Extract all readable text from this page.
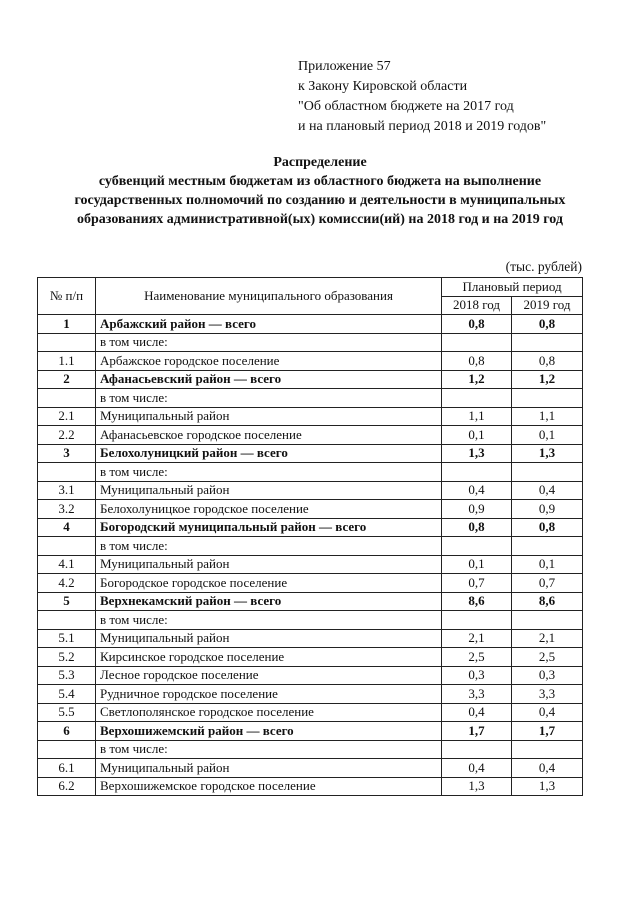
Приложение 57
к Закону Кировской области
"Об областном бюджете на 2017 год
и на плановый период 2018 и 2019 годов"
Распределение
субвенций местным бюджетам из областного бюджета на выполнение
государственных полномочий по созданию и деятельности в муниципальных
образованиях административной(ых) комиссии(ий) на 2018 год и на 2019 год
(тыс. рублей)
№ п/п	Наименование муниципального образования	Плановый период	
		2018 год	2019 год
1	Арбажский район — всего	0,8	0,8
	в том числе:		
1.1	Арбажское городское поселение	0,8	0,8
2	Афанасьевский район — всего	1,2	1,2
	в том числе:		
2.1	Муниципальный район	1,1	1,1
2.2	Афанасьевское городское поселение	0,1	0,1
3	Белохолуницкий район — всего	1,3	1,3
	в том числе:		
3.1	Муниципальный район	0,4	0,4
3.2	Белохолуницкое городское поселение	0,9	0,9
4	Богородский муниципальный район — всего	0,8	0,8
	в том числе:		
4.1	Муниципальный район	0,1	0,1
4.2	Богородское городское поселение	0,7	0,7
5	Верхнекамский район — всего	8,6	8,6
	в том числе:		
5.1	Муниципальный район	2,1	2,1
5.2	Кирсинское городское поселение	2,5	2,5
5.3	Лесное городское поселение	0,3	0,3
5.4	Рудничное городское поселение	3,3	3,3
5.5	Светлополянское городское поселение	0,4	0,4
6	Верхошижемский район — всего	1,7	1,7
	в том числе:		
6.1	Муниципальный район	0,4	0,4
6.2	Верхошижемское городское поселение	1,3	1,3
